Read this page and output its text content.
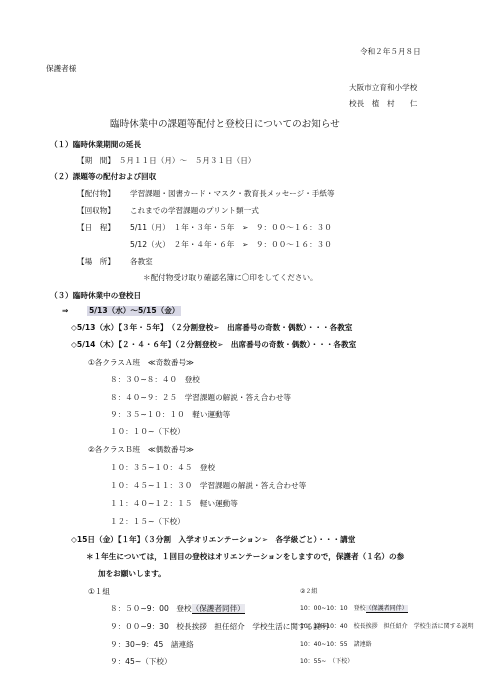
令和２年５月８日
保護者様
大阪市立育和小学校
校長　植　村　　仁
臨時休業中の課題等配付と登校日についてのお知らせ
（１）臨時休業期間の延長
【期　間】　５月１１日（月）～　５月３１日（日）
（２）課題等の配付および回収
【配付物】 学習課題・図書カード・マスク・教育長メッセージ・手紙等
【回収物】 これまでの学習課題のプリント類一式
【日　程】 5/11（月）　１年・３年・５年　➢　９：００～１６：３０
5/12（火）　２年・４年・６年　➢　９：００～１６：３０
【場　所】 各教室
＊配付物受け取り確認名簿に〇印をしてください。
（３）臨時休業中の登校日
⇒	5/13（水）～5/15（金）
◇5/13（水）【３年・５年】　（２分割登校➢　出席番号の奇数・偶数）・・・各教室
◇5/14（木）【２・４・６年】（２分割登校➢　出席番号の奇数・偶数）・・・各教室
①各クラスＡ班　≪奇数番号≫
８：３０~８：４０　登校
８：４０~９：２５　学習課題の解説・答え合わせ等
９：３５~１０：１０　軽い運動等
１０：１０~（下校）
②各クラスＢ班　≪偶数番号≫
１０：３５~１０：４５　登校
１０：４５~１１：３０　学習課題の解説・答え合わせ等
１１：４０~１２：１５　軽い運動等
１２：１５~（下校）
◇15日（金）【１年】（３分割　入学オリエンテーション➢　各学級ごと）・・・講堂
＊１年生については，１回目の登校はオリエンテーションをしますので，保護者（１名）の参
加をお願いします。
①１組
８：５０~9：00　登校（保護者同伴）
９：００~9：30　校長挨拶　担任紹介　学校生活に関する説明
９：30~9：45　諸連絡
９：45~（下校）
②２組
10：00~10：10　登校（保護者同伴）
10：10~10：40　校長挨拶　担任紹介　学校生活に関する説明
10：40~10：55　諸連絡
10：55~　（下校）
